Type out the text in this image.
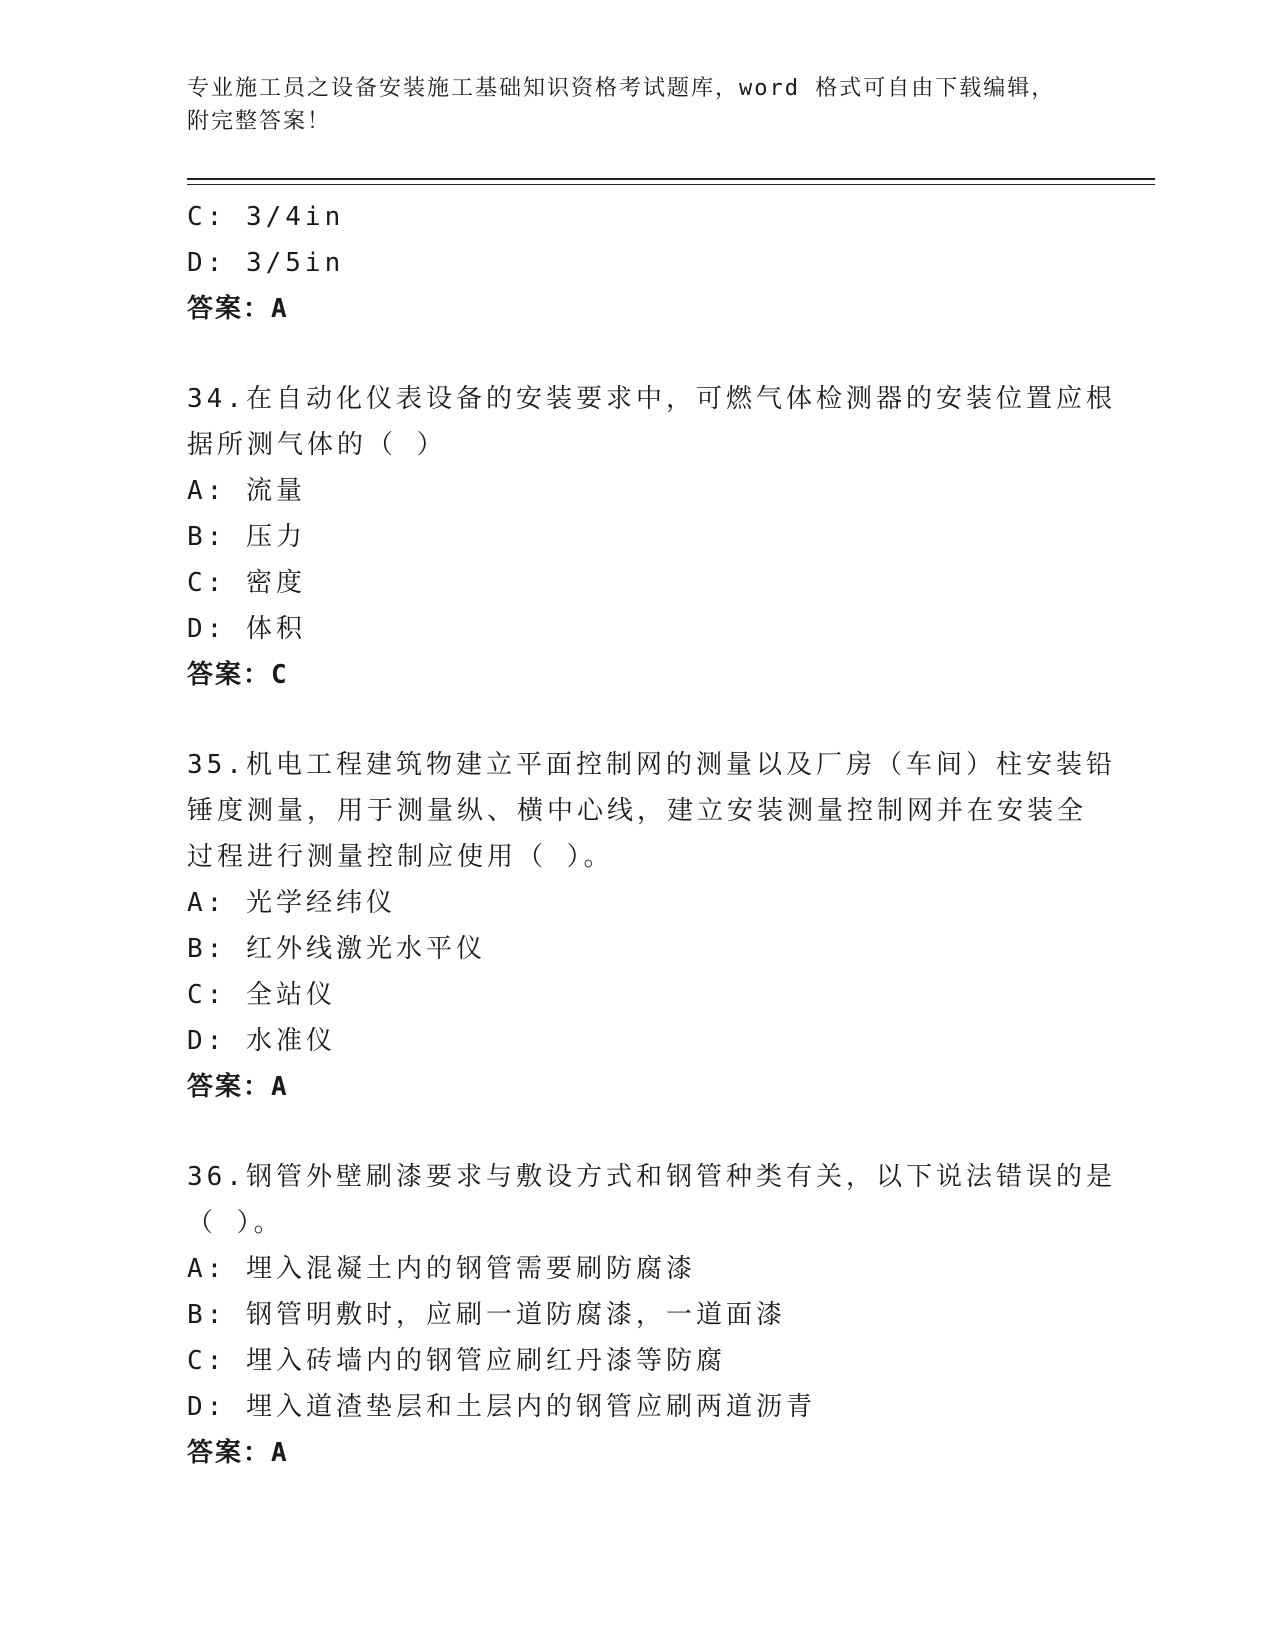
专业施工员之设备安装施工基础知识资格考试题库，word 格式可自由下载编辑，
附完整答案！
C: 3/4in
D: 3/5in
答案：A
34.在自动化仪表设备的安装要求中，可燃气体检测器的安装位置应根
据所测气体的（ ）
A: 流量
B: 压力
C: 密度
D: 体积
答案：C
35.机电工程建筑物建立平面控制网的测量以及厂房（车间）柱安装铅
锤度测量，用于测量纵、横中心线，建立安装测量控制网并在安装全
过程进行测量控制应使用（ ）。
A: 光学经纬仪
B: 红外线激光水平仪
C: 全站仪
D: 水准仪
答案：A
36.钢管外壁刷漆要求与敷设方式和钢管种类有关，以下说法错误的是
（ ）。
A: 埋入混凝土内的钢管需要刷防腐漆
B: 钢管明敷时，应刷一道防腐漆，一道面漆
C: 埋入砖墙内的钢管应刷红丹漆等防腐
D: 埋入道渣垫层和土层内的钢管应刷两道沥青
答案：A
